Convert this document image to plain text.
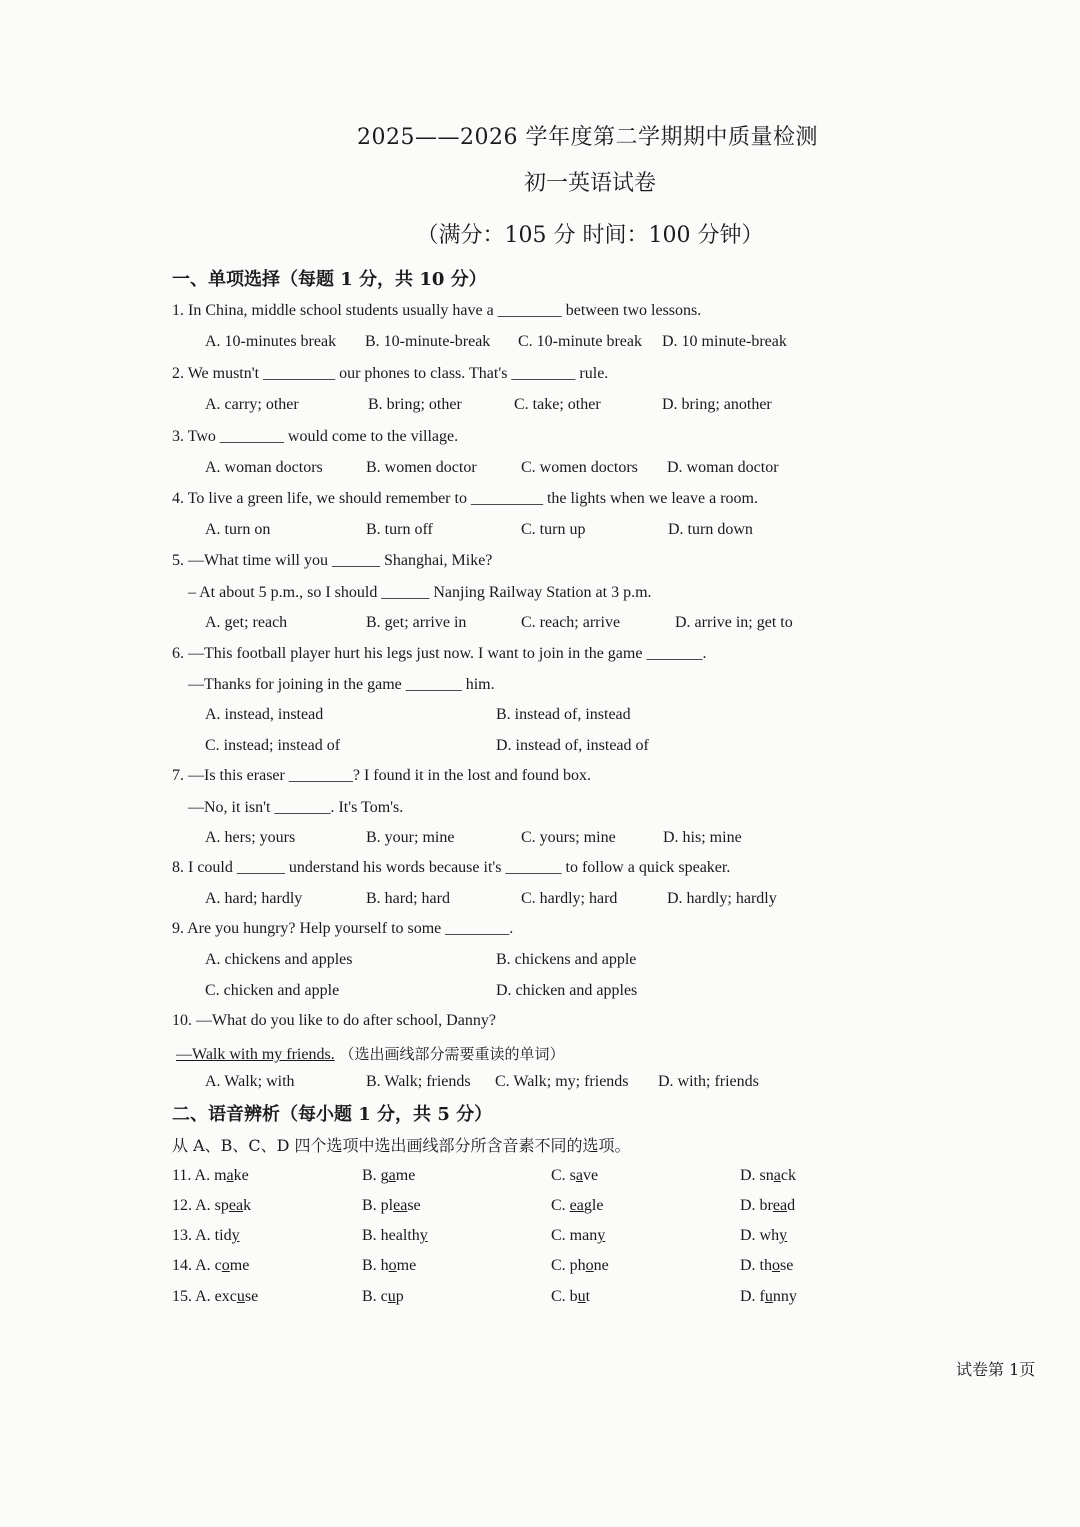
2025——2026 学年度第二学期期中质量检测
初一英语试卷
（满分：105 分 时间：100 分钟）
一、单项选择（每题 1 分，共 10 分）
1. In China, middle school students usually have a ________ between two lessons.
A. 10-minutes break B. 10-minute-break C. 10-minute break D. 10 minute-break
2. We mustn't _________ our phones to class. That's ________ rule.
A. carry; other	B. bring; other	C. take; other	D. bring; another
3. Two ________ would come to the village.
A. woman doctors	B. women doctor	C. women doctors D. woman doctor
4. To live a green life, we should remember to _________ the lights when we leave a room.
A. turn on	B. turn off	C. turn up	D. turn down
5. —What time will you ______ Shanghai, Mike?
– At about 5 p.m., so I should ______ Nanjing Railway Station at 3 p.m.
A. get; reach	B. get; arrive in	C. reach; arrive	D. arrive in; get to
6. —This football player hurt his legs just now. I want to join in the game _______.
—Thanks for joining in the game _______ him.
A. instead, instead	B. instead of, instead
C. instead; instead of	D. instead of, instead of
7. —Is this eraser ________? I found it in the lost and found box.
—No, it isn't _______. It's Tom's.
A. hers; yours	B. your; mine	C. yours; mine	D. his; mine
8. I could ______ understand his words because it's _______ to follow a quick speaker.
A. hard; hardly	B. hard; hard	C. hardly; hard	D. hardly; hardly
9. Are you hungry? Help yourself to some ________.
A. chickens and apples	B. chickens and apple
C. chicken and apple	D. chicken and apples
10. —What do you like to do after school, Danny?
—Walk with my friends. （选出画线部分需要重读的单词）
A. Walk; with	B. Walk; friends C. Walk; my; friends D. with; friends
二、语音辨析（每小题 1 分，共 5 分）
从 A、B、C、D 四个选项中选出画线部分所含音素不同的选项。
11. A. make	B. game	C. save	D. snack
12. A. speak	B. please	C. eagle	D. bread
13. A. tidy	B. healthy	C. many	D. why
14. A. come	B. home	C. phone	D. those
15. A. excuse	B. cup	C. but	D. funny
试卷第 1页
